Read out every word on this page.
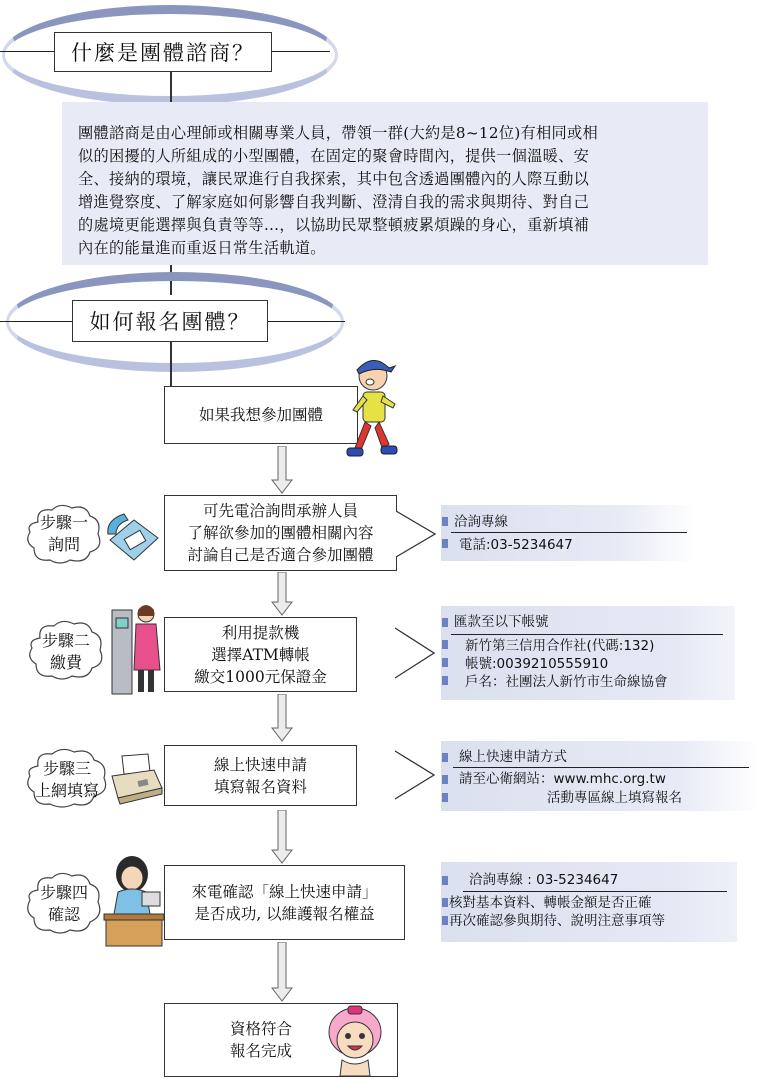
什麼是團體諮商？
團體諮商是由心理師或相關專業人員，帶領一群(大約是8~12位)有相同或相
似的困擾的人所組成的小型團體，在固定的聚會時間內，提供一個溫暖、安
全、接納的環境，讓民眾進行自我探索，其中包含透過團體內的人際互動以
增進覺察度、了解家庭如何影響自我判斷、澄清自我的需求與期待、對自己
的處境更能選擇與負責等等…，以協助民眾整頓疲累煩躁的身心，重新填補
內在的能量進而重返日常生活軌道。
如何報名團體？
如果我想參加團體
步驟一
詢問
可先電洽詢問承辦人員
了解欲參加的團體相關內容
討論自己是否適合參加團體
洽詢專線
電話:03-5234647
步驟二
繳費
利用提款機
選擇ATM轉帳
繳交1000元保證金
匯款至以下帳號
新竹第三信用合作社(代碼:132)
帳號:0039210555910
戶名：社團法人新竹市生命線協會
步驟三
上網填寫
線上快速申請
填寫報名資料
線上快速申請方式
請至心衛網站：www.mhc.org.tw
活動專區線上填寫報名
步驟四
確認
來電確認「線上快速申請」
是否成功, 以維護報名權益
洽詢專線 : 03-5234647
核對基本資料、轉帳金額是否正確
再次確認參與期待、說明注意事項等
資格符合
報名完成
